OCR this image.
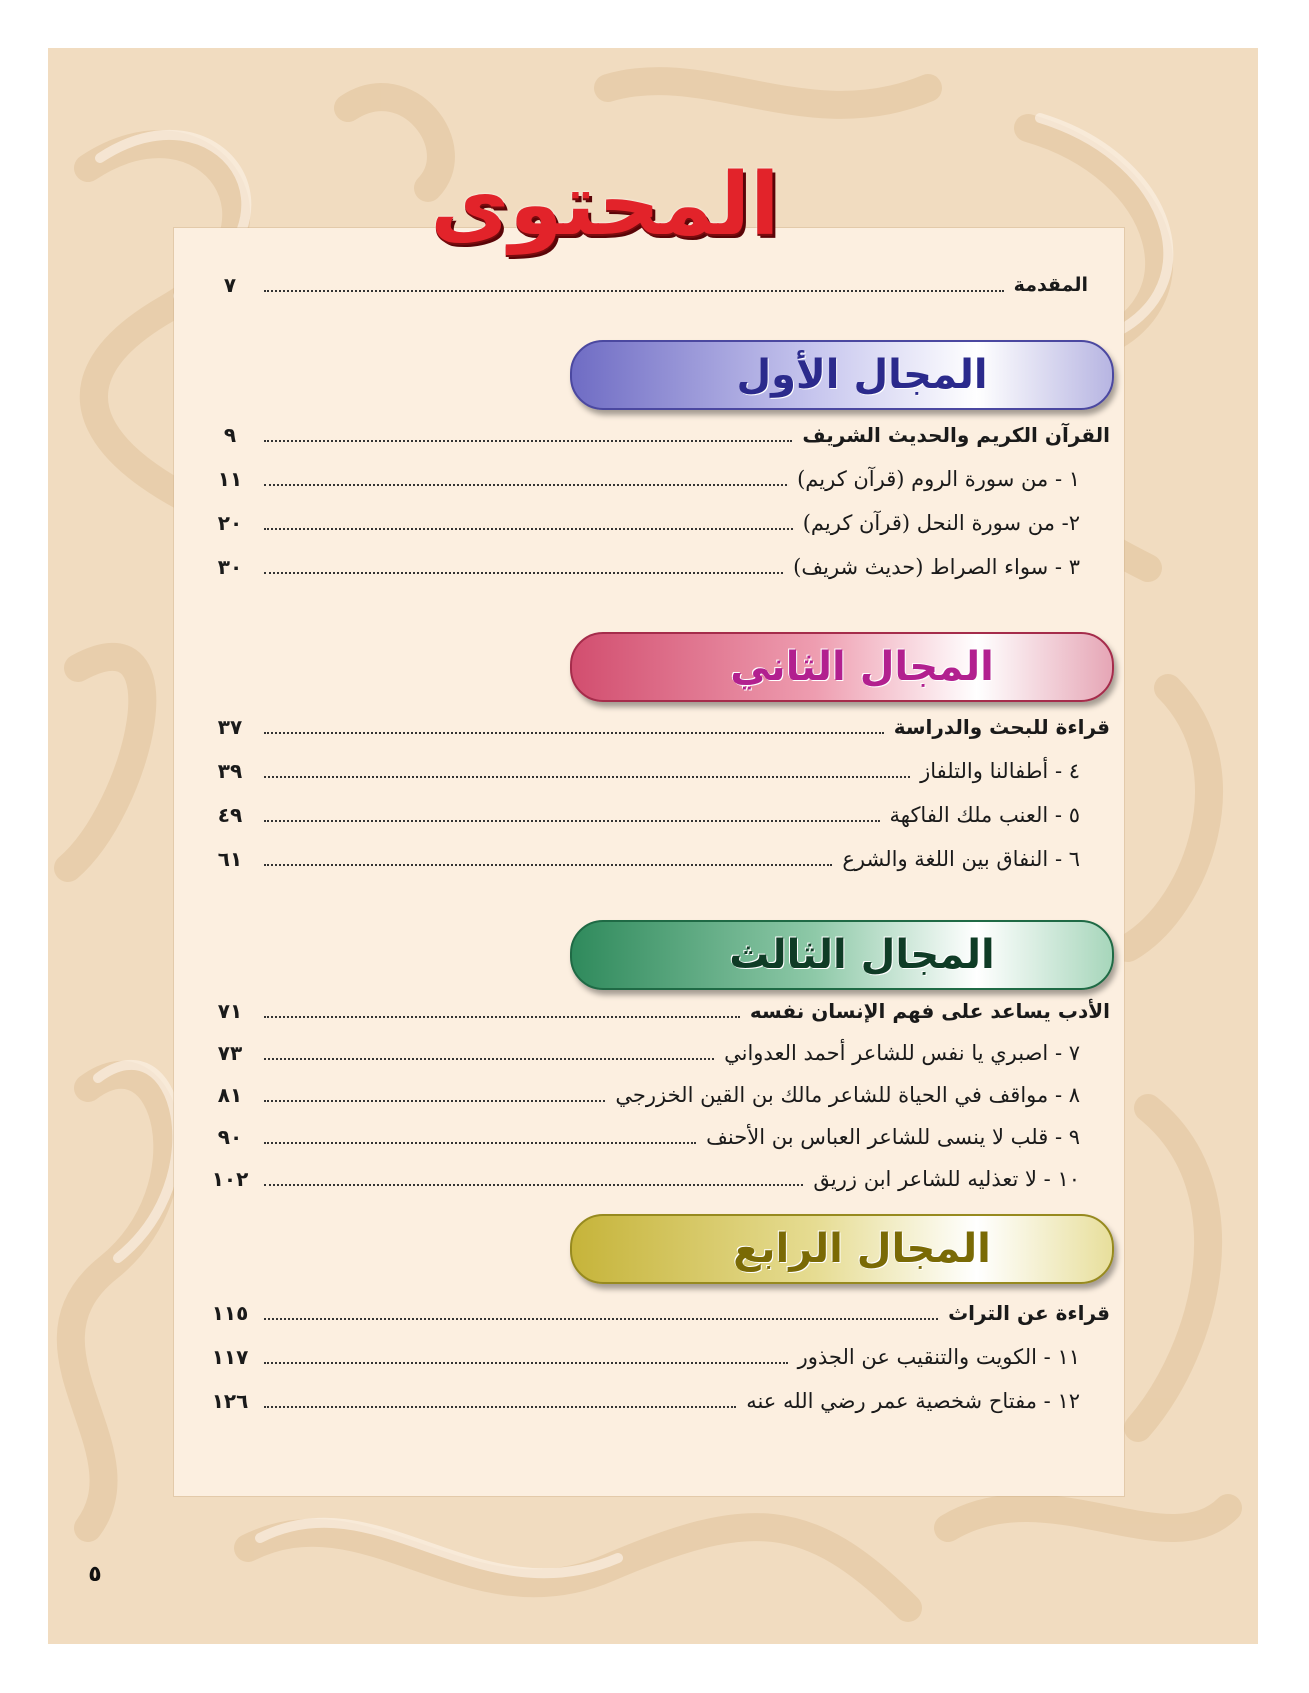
المحتوى
المقدمة
٧
المجال الأول
القرآن الكريم والحديث الشريف
٩
١ - من سورة الروم (قرآن كريم)
١١
٢- من سورة النحل (قرآن كريم)
٢٠
٣ - سواء الصراط (حديث شريف)
٣٠
المجال الثاني
قراءة للبحث والدراسة
٣٧
٤ - أطفالنا والتلفاز
٣٩
٥ - العنب ملك الفاكهة
٤٩
٦ - النفاق بين اللغة والشرع
٦١
المجال الثالث
الأدب يساعد على فهم الإنسان نفسه
٧١
٧ - اصبري يا نفس للشاعر أحمد العدواني
٧٣
٨ - مواقف في الحياة للشاعر مالك بن القين الخزرجي
٨١
٩ - قلب لا ينسى للشاعر العباس بن الأحنف
٩٠
١٠ - لا تعذليه للشاعر ابن زريق
١٠٢
المجال الرابع
قراءة عن التراث
١١٥
١١ - الكويت والتنقيب عن الجذور
١١٧
١٢ - مفتاح شخصية عمر رضي الله عنه
١٢٦
٥
